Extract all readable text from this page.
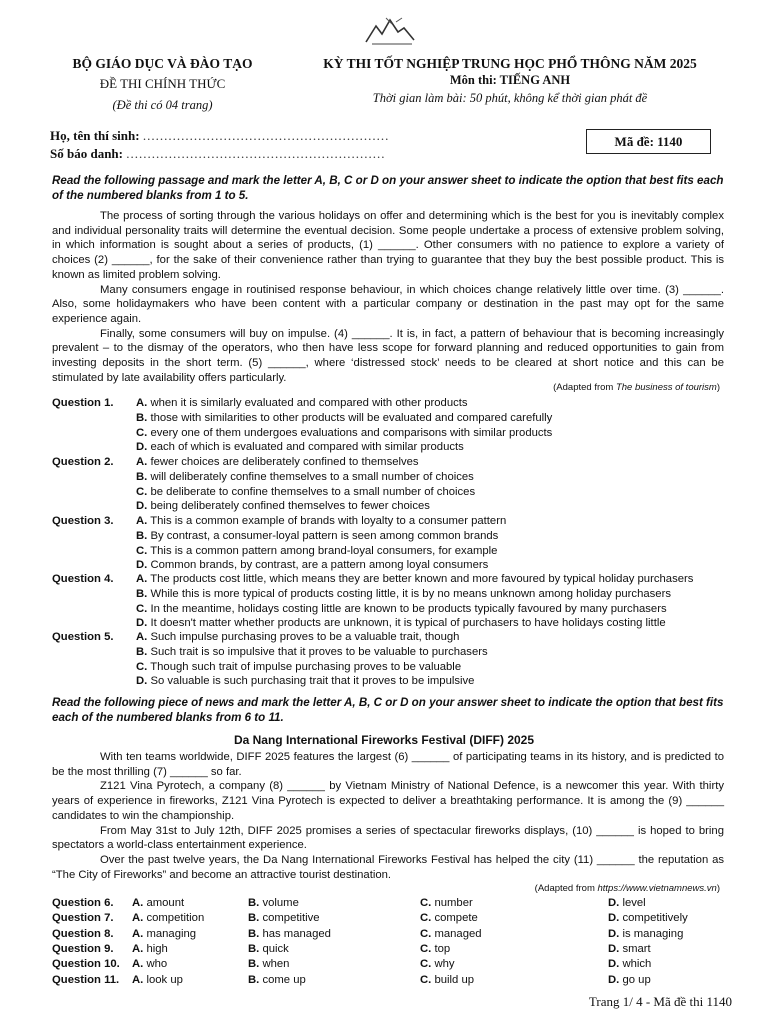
BỘ GIÁO DỤC VÀ ĐÀO TẠO
ĐỀ THI CHÍNH THỨC
(Đề thi có 04 trang)
KỲ THI TỐT NGHIỆP TRUNG HỌC PHỔ THÔNG NĂM 2025
Môn thi: TIẾNG ANH
Thời gian làm bài: 50 phút, không kể thời gian phát đề
Họ, tên thí sinh: ..........................................................
Số báo danh: .............................................................
Mã đề: 1140
Read the following passage and mark the letter A, B, C or D on your answer sheet to indicate the option that best fits each of the numbered blanks from 1 to 5.

The process of sorting through the various holidays on offer and determining which is the best for you is inevitably complex and individual personality traits will determine the eventual decision. Some people undertake a process of extensive problem solving, in which information is sought about a series of products, (1) ______. Other consumers with no patience to explore a variety of choices (2) ______, for the sake of their convenience rather than trying to guarantee that they buy the best possible product. This is known as limited problem solving.

Many consumers engage in routinised response behaviour, in which choices change relatively little over time. (3) ______. Also, some holidaymakers who have been content with a particular company or destination in the past may opt for the same experience again.

Finally, some consumers will buy on impulse. (4) ______. It is, in fact, a pattern of behaviour that is becoming increasingly prevalent – to the dismay of the operators, who then have less scope for forward planning and reduced opportunities to gain from investing deposits in the short term. (5) ______, where ‘distressed stock’ needs to be cleared at short notice and this can be stimulated by late availability offers particularly.

(Adapted from The business of tourism)
Question 1. A. when it is similarly evaluated and compared with other products
B. those with similarities to other products will be evaluated and compared carefully
C. every one of them undergoes evaluations and comparisons with similar products
D. each of which is evaluated and compared with similar products
Question 2. A. fewer choices are deliberately confined to themselves
B. will deliberately confine themselves to a small number of choices
C. be deliberate to confine themselves to a small number of choices
D. being deliberately confined themselves to fewer choices
Question 3. A. This is a common example of brands with loyalty to a consumer pattern
B. By contrast, a consumer-loyal pattern is seen among common brands
C. This is a common pattern among brand-loyal consumers, for example
D. Common brands, by contrast, are a pattern among loyal consumers
Question 4. A. The products cost little, which means they are better known and more favoured by typical holiday purchasers
B. While this is more typical of products costing little, it is by no means unknown among holiday purchasers
C. In the meantime, holidays costing little are known to be products typically favoured by many purchasers
D. It doesn't matter whether products are unknown, it is typical of purchasers to have holidays costing little
Question 5. A. Such impulse purchasing proves to be a valuable trait, though
B. Such trait is so impulsive that it proves to be valuable to purchasers
C. Though such trait of impulse purchasing proves to be valuable
D. So valuable is such purchasing trait that it proves to be impulsive
Read the following piece of news and mark the letter A, B, C or D on your answer sheet to indicate the option that best fits each of the numbered blanks from 6 to 11.
Da Nang International Fireworks Festival (DIFF) 2025

With ten teams worldwide, DIFF 2025 features the largest (6) ______ of participating teams in its history, and is predicted to be the most thrilling (7) ______ so far.

Z121 Vina Pyrotech, a company (8) ______ by Vietnam Ministry of National Defence, is a newcomer this year. With thirty years of experience in fireworks, Z121 Vina Pyrotech is expected to deliver a breathtaking performance. It is among the (9) ______ candidates to win the championship.

From May 31st to July 12th, DIFF 2025 promises a series of spectacular fireworks displays, (10) ______ is hoped to bring spectators a world-class entertainment experience.

Over the past twelve years, the Da Nang International Fireworks Festival has helped the city (11) ______ the reputation as “The City of Fireworks” and become an attractive tourist destination.

(Adapted from https://www.vietnamnews.vn)
Question 6. A. amount	B. volume	C. number	D. level
Question 7. A. competition	B. competitive	C. compete	D. competitively
Question 8. A. managing	B. has managed	C. managed	D. is managing
Question 9. A. high	B. quick	C. top	D. smart
Question 10. A. who	B. when	C. why	D. which
Question 11. A. look up	B. come up	C. build up	D. go up
Trang 1/ 4 - Mã đề thi 1140
